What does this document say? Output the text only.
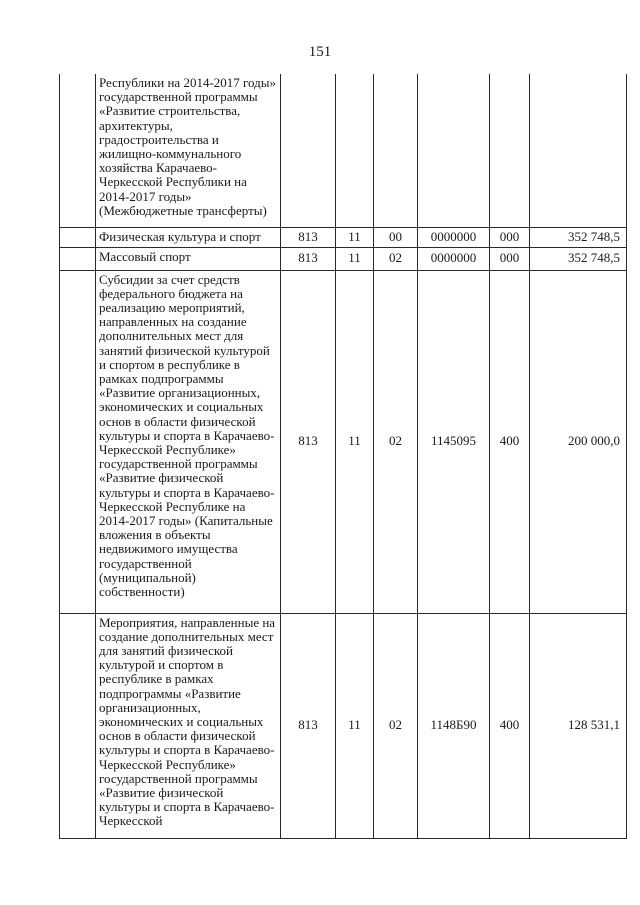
151
	Республики на 2014-2017 годы» государственной программы «Развитие строительства, архитектуры, градостроительства и жилищно-коммунального хозяйства Карачаево-Черкесской Республики на 2014-2017 годы» (Межбюджетные трансферты)						
	Физическая культура и спорт	813	11	00	0000000	000	352 748,5
	Массовый спорт	813	11	02	0000000	000	352 748,5
	Субсидии за счет средств федерального бюджета на реализацию мероприятий, направленных на создание дополнительных мест для занятий физической культурой и спортом в республике в рамках подпрограммы «Развитие организационных, экономических и социальных основ в области физической культуры и спорта в Карачаево-Черкесской Республике» государственной программы «Развитие физической культуры и спорта в Карачаево-Черкесской Республике на 2014-2017 годы» (Капитальные вложения в объекты недвижимого имущества государственной (муниципальной) собственности)	813	11	02	1145095	400	200 000,0
	Мероприятия, направленные на создание дополнительных мест для занятий физической культурой и спортом в республике в рамках подпрограммы «Развитие организационных, экономических и социальных основ в области физической культуры и спорта в Карачаево-Черкесской Республике» государственной программы «Развитие физической культуры и спорта в Карачаево-Черкесской	813	11	02	1148Б90	400	128 531,1
